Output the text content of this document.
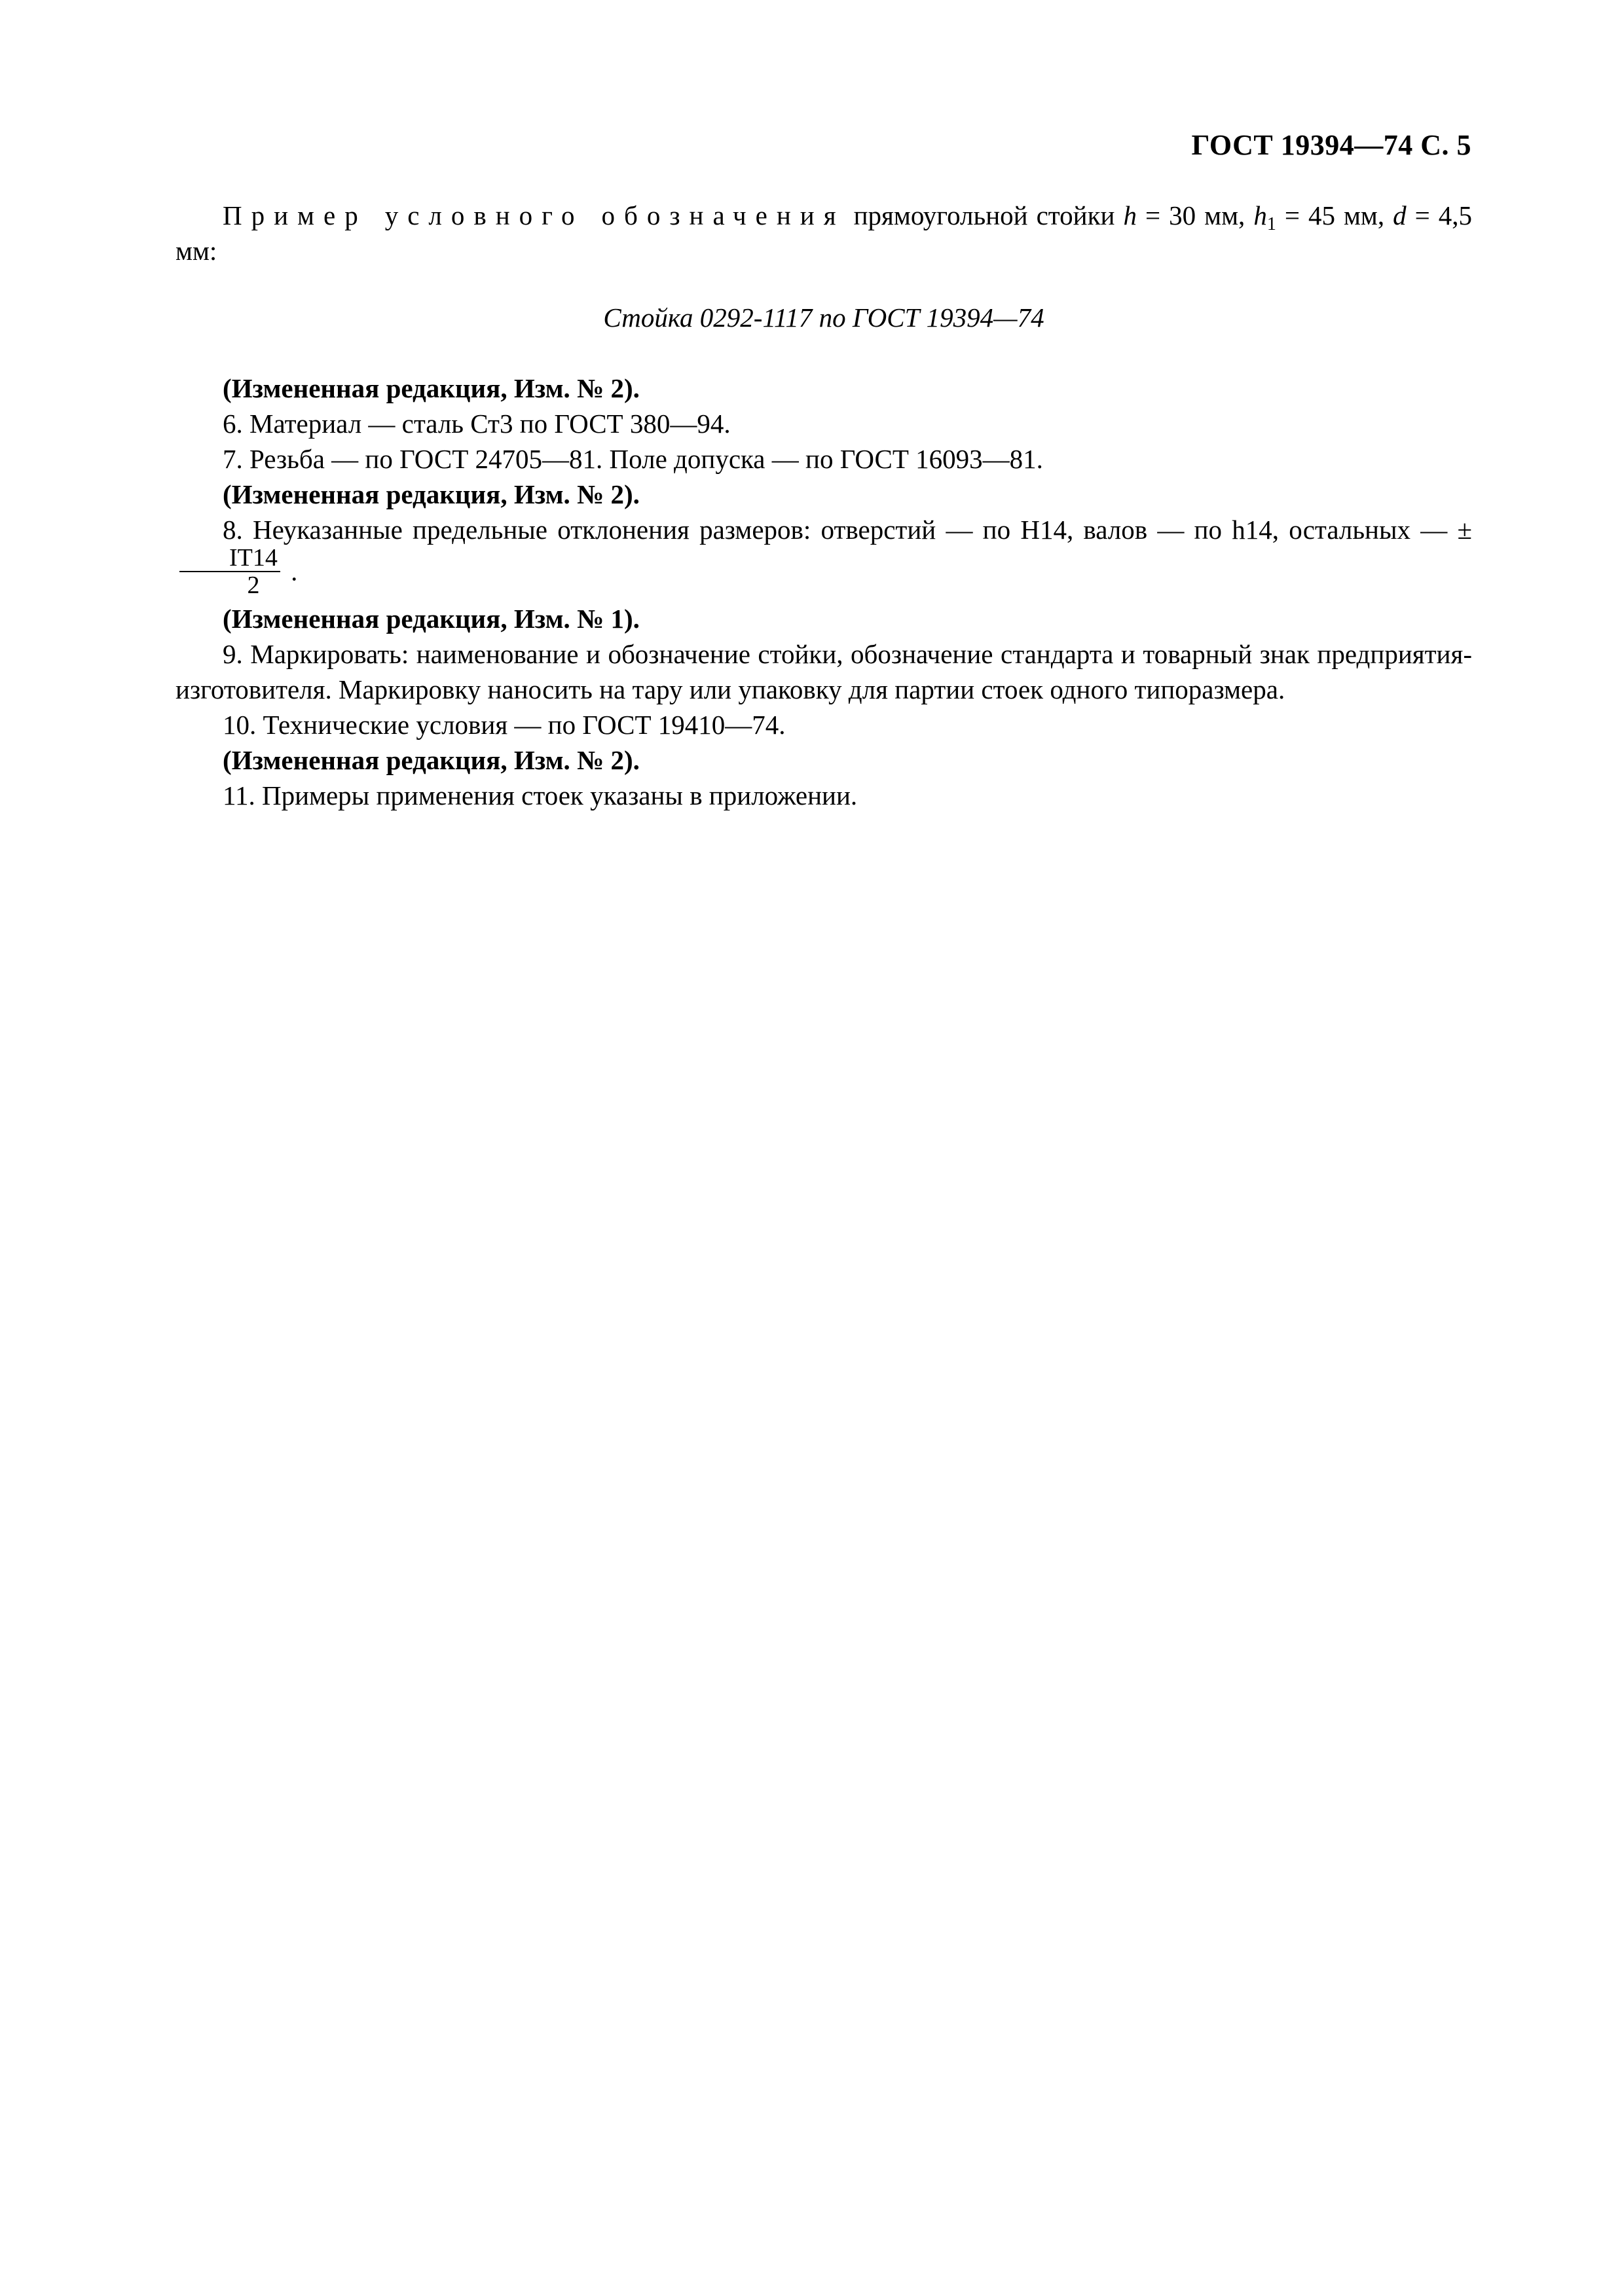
ГОСТ 19394—74 С. 5

Пример условного обозначения прямоугольной стойки h = 30 мм, $h_1 = 45$ мм, d = 4,5 мм:

Стойка 0292-1117 по ГОСТ 19394—74

(Измененная редакция, Изм. № 2).

6. Материал — сталь Ст3 по ГОСТ 380—94.

7. Резьба — по ГОСТ 24705—81. Поле допуска — по ГОСТ 16093—81.

(Измененная редакция, Изм. № 2).

8. Неуказанные предельные отклонения размеров: отверстий — по Н14, валов — по h14, остальных — ±
$\frac{IT14}{2}$ .

(Измененная редакция, Изм. № 1).

9. Маркировать: наименование и обозначение стойки, обозначение стандарта и товарный знак предприятия-изготовителя. Маркировку наносить на тару или упаковку для партии стоек одного типоразмера.

10. Технические условия — по ГОСТ 19410—74.

(Измененная редакция, Изм. № 2).

11. Примеры применения стоек указаны в приложении.
